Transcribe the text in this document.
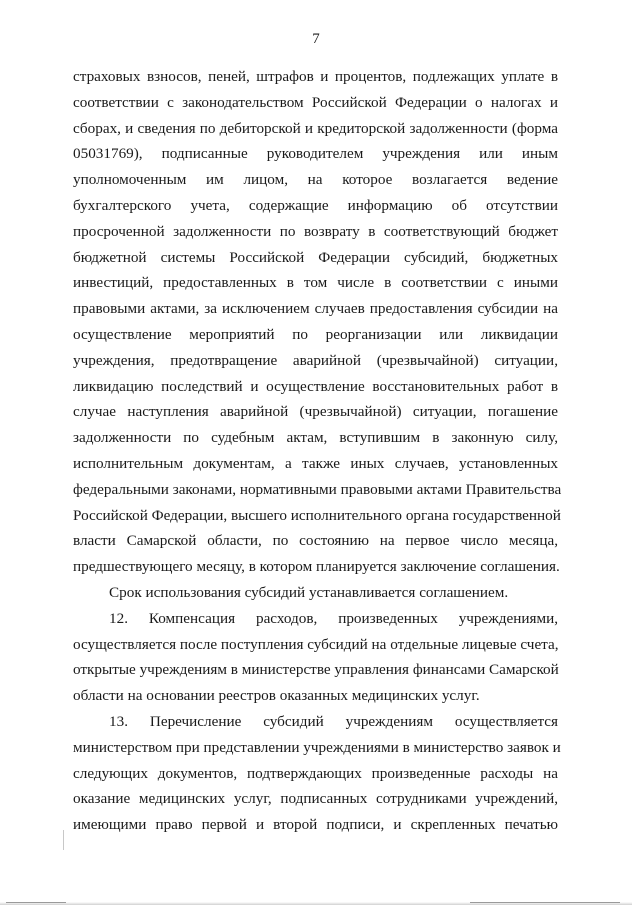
7
страховых взносов, пеней, штрафов и процентов, подлежащих уплате в
соответствии с законодательством Российской Федерации о налогах и
сборах, и сведения по дебиторской и кредиторской задолженности (форма
05031769), подписанные руководителем учреждения или иным
уполномоченным им лицом, на которое возлагается ведение
бухгалтерского учета, содержащие информацию об отсутствии
просроченной задолженности по возврату в соответствующий бюджет
бюджетной системы Российской Федерации субсидий, бюджетных
инвестиций, предоставленных в том числе в соответствии с иными
правовыми актами, за исключением случаев предоставления субсидии на
осуществление мероприятий по реорганизации или ликвидации
учреждения, предотвращение аварийной (чрезвычайной) ситуации,
ликвидацию последствий и осуществление восстановительных работ в
случае наступления аварийной (чрезвычайной) ситуации, погашение
задолженности по судебным актам, вступившим в законную силу,
исполнительным документам, а также иных случаев, установленных
федеральными законами, нормативными правовыми актами Правительства
Российской Федерации, высшего исполнительного органа государственной
власти Самарской области, по состоянию на первое число месяца,
предшествующего месяцу, в котором планируется заключение соглашения.
Срок использования субсидий устанавливается соглашением.
12. Компенсация расходов, произведенных учреждениями,
осуществляется после поступления субсидий на отдельные лицевые счета,
открытые учреждениям в министерстве управления финансами Самарской
области на основании реестров оказанных медицинских услуг.
13. Перечисление субсидий учреждениям осуществляется
министерством при представлении учреждениями в министерство заявок и
следующих документов, подтверждающих произведенные расходы на
оказание медицинских услуг, подписанных сотрудниками учреждений,
имеющими право первой и второй подписи, и скрепленных печатью
